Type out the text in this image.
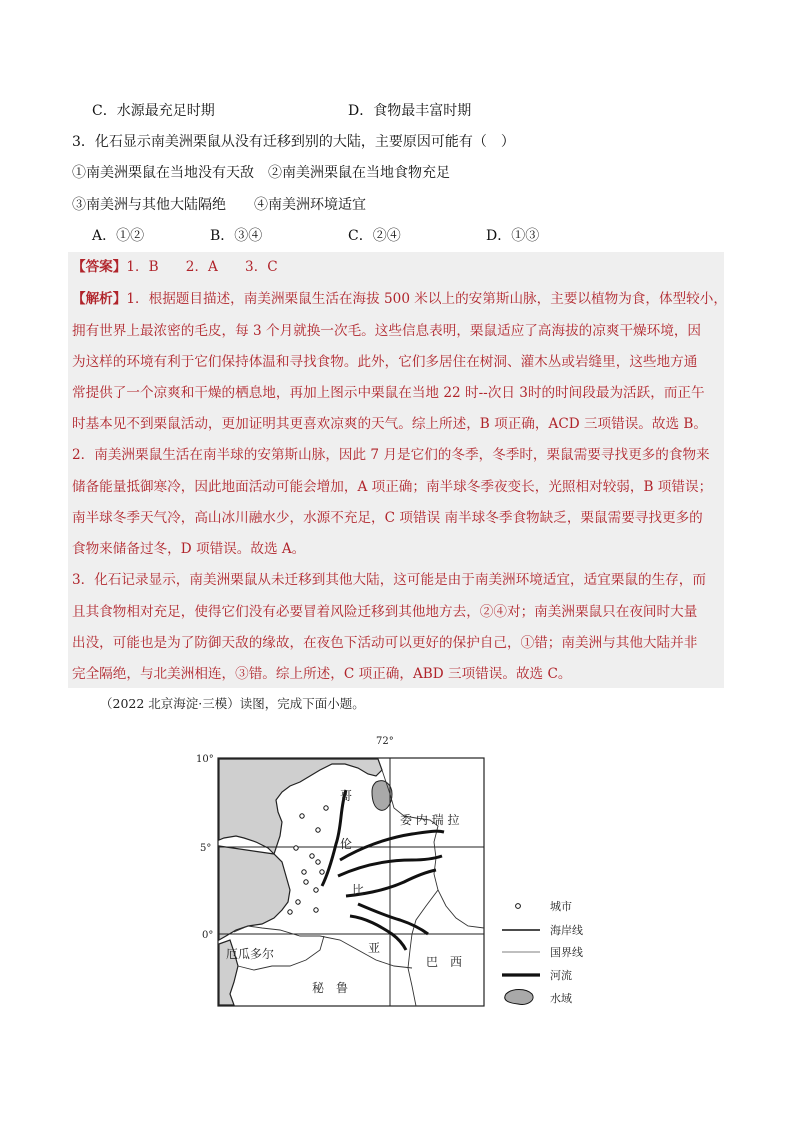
C．水源最充足时期	D．食物最丰富时期
3．化石显示南美洲栗鼠从没有迁移到别的大陆，主要原因可能有（　）
①南美洲栗鼠在当地没有天敌　②南美洲栗鼠在当地食物充足
③南美洲与其他大陆隔绝　　④南美洲环境适宜
A．①②	B．③④	C．②④	D．①③
【答案】1．B　　2．A　　3．C
【解析】1．根据题目描述，南美洲栗鼠生活在海拔 500 米以上的安第斯山脉，主要以植物为食，体型较小，
拥有世界上最浓密的毛皮，每 3 个月就换一次毛。这些信息表明，栗鼠适应了高海拔的凉爽干燥环境，因
为这样的环境有利于它们保持体温和寻找食物。此外，它们多居住在树洞、灌木丛或岩缝里，这些地方通
常提供了一个凉爽和干燥的栖息地，再加上图示中栗鼠在当地 22 时--次日 3时的时间段最为活跃，而正午
时基本见不到栗鼠活动，更加证明其更喜欢凉爽的天气。综上所述，B 项正确，ACD 三项错误。故选 B。
2．南美洲栗鼠生活在南半球的安第斯山脉，因此 7 月是它们的冬季，冬季时，栗鼠需要寻找更多的食物来
储备能量抵御寒冷，因此地面活动可能会增加，A 项正确；南半球冬季夜变长，光照相对较弱，B 项错误；
南半球冬季天气冷，高山冰川融水少，水源不充足，C 项错误 南半球冬季食物缺乏，栗鼠需要寻找更多的
食物来储备过冬，D 项错误。故选 A。
3．化石记录显示，南美洲栗鼠从未迁移到其他大陆，这可能是由于南美洲环境适宜，适宜栗鼠的生存，而
且其食物相对充足，使得它们没有必要冒着风险迁移到其他地方去，②④对；南美洲栗鼠只在夜间时大量
出没，可能也是为了防御天敌的缘故，在夜色下活动可以更好的保护自己，①错；南美洲与其他大陆并非
完全隔绝，与北美洲相连，③错。综上所述，C 项正确，ABD 三项错误。故选 C。
（2022 北京海淀·三模）读图，完成下面小题。
72°
10°
5°
0°
哥
伦
比
亚
委 内 瑞 拉
厄瓜多尔
巴　西
秘　鲁
城市
海岸线
国界线
河流
水域
